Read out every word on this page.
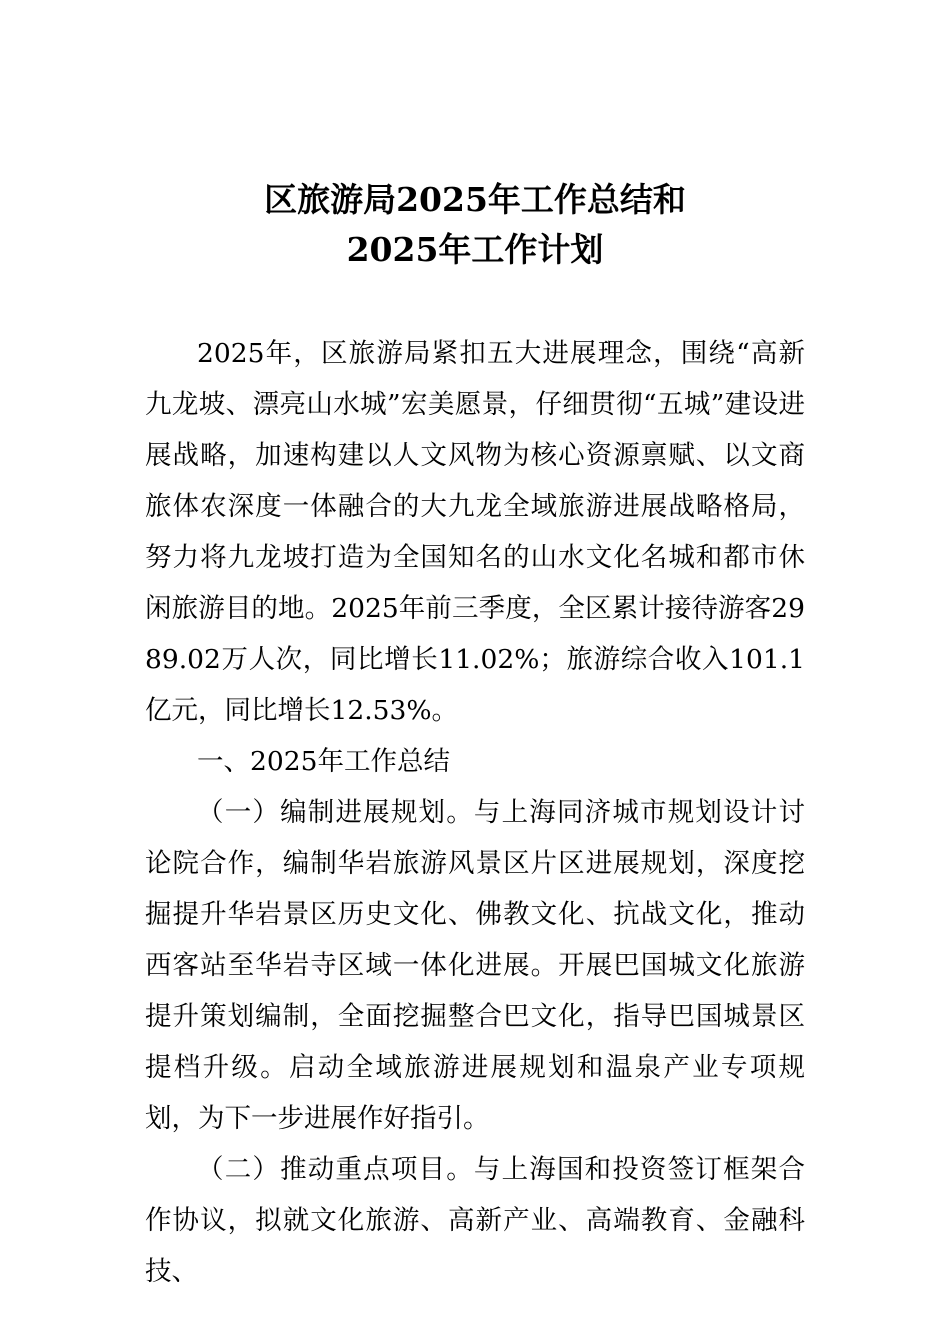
区旅游局2025年工作总结和
2025年工作计划

2025年，区旅游局紧扣五大进展理念，围绕“高新九龙坡、漂亮山水城”宏美愿景，仔细贯彻“五城”建设进展战略，加速构建以人文风物为核心资源禀赋、以文商旅体农深度一体融合的大九龙全域旅游进展战略格局，努力将九龙坡打造为全国知名的山水文化名城和都市休闲旅游目的地。2025年前三季度，全区累计接待游客2989.02万人次，同比增长11.02%；旅游综合收入101.1亿元，同比增长12.53%。

一、2025年工作总结

（一）编制进展规划。与上海同济城市规划设计讨论院合作，编制华岩旅游风景区片区进展规划，深度挖掘提升华岩景区历史文化、佛教文化、抗战文化，推动西客站至华岩寺区域一体化进展。开展巴国城文化旅游提升策划编制，全面挖掘整合巴文化，指导巴国城景区提档升级。启动全域旅游进展规划和温泉产业专项规划，为下一步进展作好指引。

（二）推动重点项目。与上海国和投资签订框架合作协议，拟就文化旅游、高新产业、高端教育、金融科技、
